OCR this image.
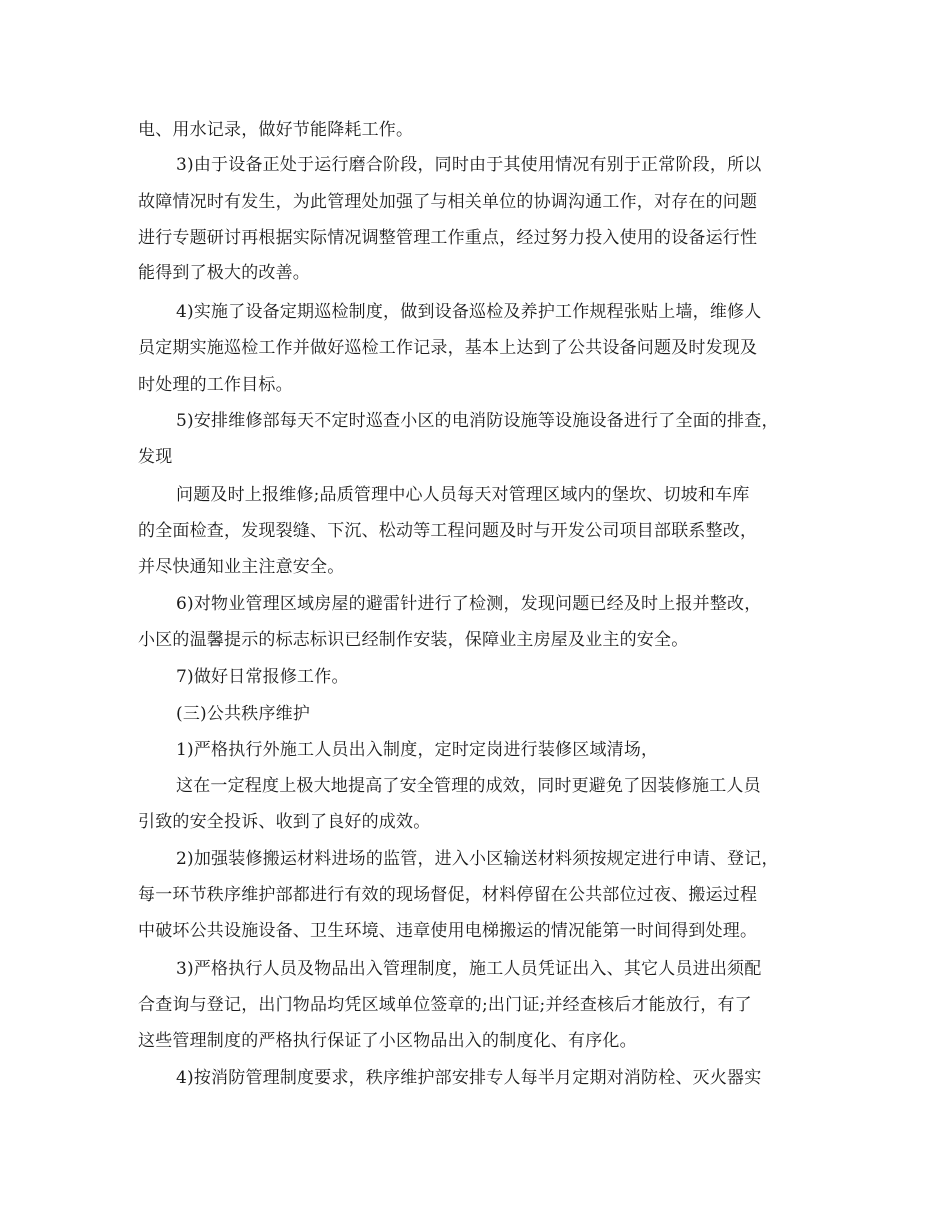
电、用水记录，做好节能降耗工作。
3)由于设备正处于运行磨合阶段，同时由于其使用情况有别于正常阶段，所以
故障情况时有发生，为此管理处加强了与相关单位的协调沟通工作，对存在的问题
进行专题研讨再根据实际情况调整管理工作重点，经过努力投入使用的设备运行性
能得到了极大的改善。
4)实施了设备定期巡检制度，做到设备巡检及养护工作规程张贴上墙，维修人
员定期实施巡检工作并做好巡检工作记录，基本上达到了公共设备问题及时发现及
时处理的工作目标。
5)安排维修部每天不定时巡查小区的电消防设施等设施设备进行了全面的排查，
发现
问题及时上报维修;品质管理中心人员每天对管理区域内的堡坎、切坡和车库
的全面检查，发现裂缝、下沉、松动等工程问题及时与开发公司项目部联系整改，
并尽快通知业主注意安全。
6)对物业管理区域房屋的避雷针进行了检测，发现问题已经及时上报并整改，
小区的温馨提示的标志标识已经制作安装，保障业主房屋及业主的安全。
7)做好日常报修工作。
(三)公共秩序维护
1)严格执行外施工人员出入制度，定时定岗进行装修区域清场，
这在一定程度上极大地提高了安全管理的成效，同时更避免了因装修施工人员
引致的安全投诉、收到了良好的成效。
2)加强装修搬运材料进场的监管，进入小区输送材料须按规定进行申请、登记，
每一环节秩序维护部都进行有效的现场督促，材料停留在公共部位过夜、搬运过程
中破坏公共设施设备、卫生环境、违章使用电梯搬运的情况能第一时间得到处理。
3)严格执行人员及物品出入管理制度，施工人员凭证出入、其它人员进出须配
合查询与登记，出门物品均凭区域单位签章的;出门证;并经查核后才能放行，有了
这些管理制度的严格执行保证了小区物品出入的制度化、有序化。
4)按消防管理制度要求，秩序维护部安排专人每半月定期对消防栓、灭火器实
